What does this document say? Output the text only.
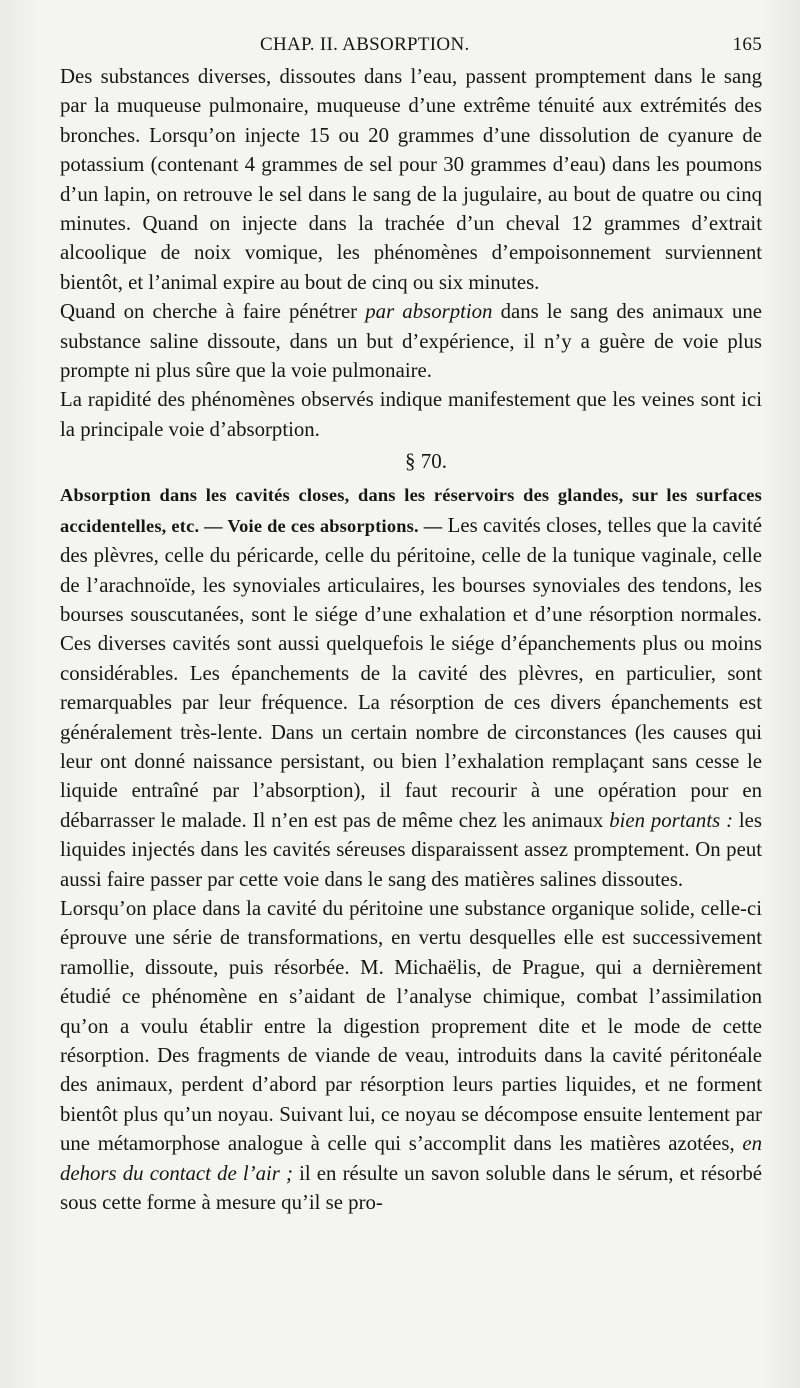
CHAP. II. ABSORPTION.	165

Des substances diverses, dissoutes dans l’eau, passent promptement dans le sang par la muqueuse pulmonaire, muqueuse d’une extrême ténuité aux extrémités des bronches. Lorsqu’on injecte 15 ou 20 grammes d’une dissolution de cyanure de potassium (contenant 4 grammes de sel pour 30 grammes d’eau) dans les poumons d’un lapin, on retrouve le sel dans le sang de la jugulaire, au bout de quatre ou cinq minutes. Quand on injecte dans la trachée d’un cheval 12 grammes d’extrait alcoolique de noix vomique, les phénomènes d’empoisonnement surviennent bientôt, et l’animal expire au bout de cinq ou six minutes.

Quand on cherche à faire pénétrer par absorption dans le sang des animaux une substance saline dissoute, dans un but d’expérience, il n’y a guère de voie plus prompte ni plus sûre que la voie pulmonaire.

La rapidité des phénomènes observés indique manifestement que les veines sont ici la principale voie d’absorption.

§ 70.

Absorption dans les cavités closes, dans les réservoirs des glandes, sur les surfaces accidentelles, etc. — Voie de ces absorptions. — Les cavités closes, telles que la cavité des plèvres, celle du péricarde, celle du péritoine, celle de la tunique vaginale, celle de l’arachnoïde, les synoviales articulaires, les bourses synoviales des tendons, les bourses souscutanées, sont le siége d’une exhalation et d’une résorption normales. Ces diverses cavités sont aussi quelquefois le siége d’épanchements plus ou moins considérables. Les épanchements de la cavité des plèvres, en particulier, sont remarquables par leur fréquence. La résorption de ces divers épanchements est généralement très-lente. Dans un certain nombre de circonstances (les causes qui leur ont donné naissance persistant, ou bien l’exhalation remplaçant sans cesse le liquide entraîné par l’absorption), il faut recourir à une opération pour en débarrasser le malade. Il n’en est pas de même chez les animaux bien portants : les liquides injectés dans les cavités séreuses disparaissent assez promptement. On peut aussi faire passer par cette voie dans le sang des matières salines dissoutes.

Lorsqu’on place dans la cavité du péritoine une substance organique solide, celle-ci éprouve une série de transformations, en vertu desquelles elle est successivement ramollie, dissoute, puis résorbée. M. Michaëlis, de Prague, qui a dernièrement étudié ce phénomène en s’aidant de l’analyse chimique, combat l’assimilation qu’on a voulu établir entre la digestion proprement dite et le mode de cette résorption. Des fragments de viande de veau, introduits dans la cavité péritonéale des animaux, perdent d’abord par résorption leurs parties liquides, et ne forment bientôt plus qu’un noyau. Suivant lui, ce noyau se décompose ensuite lentement par une métamorphose analogue à celle qui s’accomplit dans les matières azotées, en dehors du contact de l’air ; il en résulte un savon soluble dans le sérum, et résorbé sous cette forme à mesure qu’il se pro-
